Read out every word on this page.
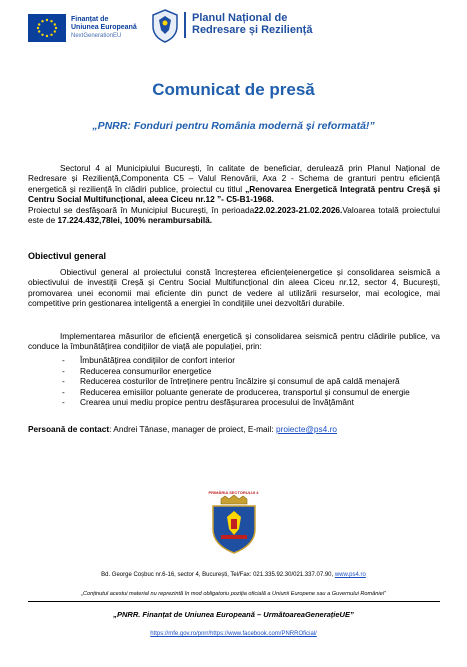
Finanțat de
Uniunea Europeană
NextGenerationEU
Planul Național de
Redresare și Reziliență
Comunicat de presă
„PNRR: Fonduri pentru România modernă și reformată!”
Sectorul 4 al Municipiului București, în calitate de beneficiar, derulează prin Planul Național de Redresare și Reziliență,Componenta C5 – Valul Renovării, Axa 2 - Schema de granturi pentru eficiență energetică și reziliență în clădiri publice, proiectul cu titlul „Renovarea Energetică Integrată pentru Creșă și Centru Social Multifuncțional, aleea Ciceu nr.12 ”- C5-B1-1968.
Proiectul se desfășoară în Municipiul București, în perioada22.02.2023-21.02.2026.Valoarea totală proiectului este de 17.224.432,78lei, 100% nerambursabilă.
Obiectivul general
Obiectivul general al proiectului constă încreșterea eficiențeienergetice și consolidarea seismică a obiectivului de investiții Creșă și Centru Social Multifuncțional din aleea Ciceu nr.12, sector 4, București, promovarea unei economii mai eficiente din punct de vedere al utilizării resurselor, mai ecologice, mai competitive prin gestionarea inteligentă a energiei în condițiile unei dezvoltări durabile.
Implementarea măsurilor de eficiență energetică și consolidarea seismică pentru clădirile publice, va conduce la îmbunătățirea condițiilor de viață ale populației, prin:
- Îmbunătățirea condițiilor de confort interior
- Reducerea consumurilor energetice
- Reducerea costurilor de întreținere pentru încălzire și consumul de apă caldă menajeră
- Reducerea emisiilor poluante generate de producerea, transportul și consumul de energie
- Crearea unui mediu propice pentru desfășurarea procesului de învățământ
Persoană de contact: Andrei Tănase, manager de proiect, E-mail: proiecte@ps4.ro
PRIMĂRIA SECTORULUI 4
Bd. George Coșbuc nr.6-16, sector 4, București, Tel/Fax: 021.335.92.30/021.337.07.90, www.ps4.ro
„Conținutul acestui material nu reprezintă în mod obligatoriu poziția oficială a Uniunii Europene sau a Guvernului României”
„PNRR. Finanțat de Uniunea Europeană – UrmătoareaGenerațieUE”
https://mfe.gov.ro/pnrr/https://www.facebook.com/PNRROficial/
